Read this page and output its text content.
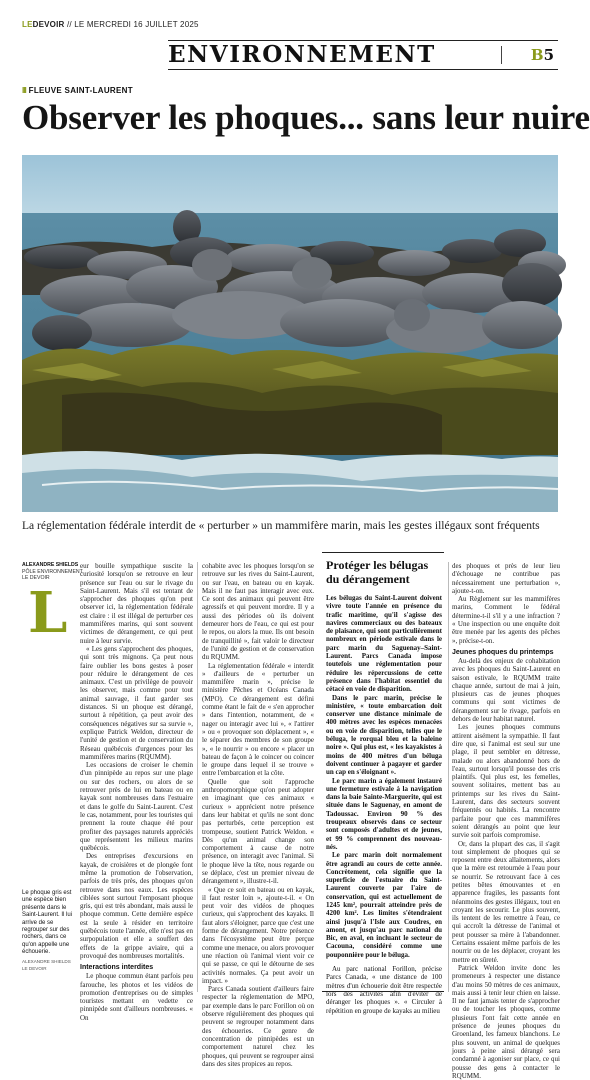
LEDEVOIR // LE MERCREDI 16 JUILLET 2025
ENVIRONNEMENT	B5
III FLEUVE SAINT-LAURENT
Observer les phoques... sans leur nuire
La réglementation fédérale interdit de « perturber » un mammifère marin, mais les gestes illégaux sont fréquents
ALEXANDRE SHIELDS
PÔLE ENVIRONNEMENT
LE DEVOIR
Le phoque gris est une espèce bien présente dans le Saint-Laurent. Il lui arrive de se regrouper sur des rochers, dans ce qu'on appelle une échouerie.
ALEXANDRE SHIELDS LE DEVOIR
L

eur bouille sympathique suscite la curiosité lorsqu'on se retrouve en leur présence sur l'eau ou sur le rivage du Saint-Laurent. Mais s'il est tentant de s'approcher des phoques qu'on peut observer ici, la réglementation fédérale est claire : il est illégal de perturber ces mammifères marins, qui sont souvent victimes de dérangement, ce qui peut nuire à leur survie.

« Les gens s'approchent des phoques, qui sont très mignons. Ça peut nous faire oublier les bons gestes à poser pour réduire le dérangement de ces animaux. C'est un privilège de pouvoir les observer, mais comme pour tout animal sauvage, il faut garder ses distances. Si un phoque est dérangé, surtout à répétition, ça peut avoir des conséquences négatives sur sa survie », explique Patrick Weldon, directeur de l'unité de gestion et de conservation du Réseau québécois d'urgences pour les mammifères marins (RQUMM).

Les occasions de croiser le chemin d'un pinnipède au repos sur une plage ou sur des rochers, ou alors de se retrouver près de lui en bateau ou en kayak sont nombreuses dans l'estuaire et dans le golfe du Saint-Laurent. C'est le cas, notamment, pour les touristes qui prennent la route chaque été pour profiter des paysages naturels appréciés que représentent les milieux marins québécois.

Des entreprises d'excursions en kayak, de croisières et de plongée font même la promotion de l'observation, parfois de très près, des phoques qu'on retrouve dans nos eaux. Les espèces ciblées sont surtout l'emposant phoque gris, qui est très abondant, mais aussi le phoque commun. Cette dernière espèce est la seule à résider en territoire québécois toute l'année, elle n'est pas en surpopulation et elle a souffert des effets de la grippe aviaire, qui a provoqué des nombreuses mortalités.

Interactions interdites

Le phoque commun étant parfois peu farouche, les photos et les vidéos de promotion d'entreprises ou de simples touristes mettant en vedette ce pinnipède sont d'ailleurs nombreuses. « On

cohabite avec les phoques lorsqu'on se retrouve sur les rives du Saint-Laurent, ou sur l'eau, en bateau ou en kayak. Mais il ne faut pas interagir avec eux. Ce sont des animaux qui peuvent être agressifs et qui peuvent mordre. Il y a aussi des périodes où ils doivent demeurer hors de l'eau, ce qui est pour le repos, ou alors la mue. Ils ont besoin de tranquillité », fait valoir le directeur de l'unité de gestion et de conservation du RQUMM.

La réglementation fédérale « interdit » d'ailleurs de « perturber un mammifère marin », précise le ministère Pêches et Océans Canada (MPO). Ce dérangement est défini comme étant le fait de « s'en approcher » dans l'intention, notamment, de « nager ou interagir avec lui », « l'attirer » ou « provoquer son déplacement », « le séparer des membres de son groupe », « le nourrir » ou encore « placer un bateau de façon à le coincer ou coincer le groupe dans lequel il se trouve » entre l'embarcation et la côte.

Quelle que soit l'approche anthropomorphique qu'on peut adopter en imaginant que ces animaux « curieux » apprécient notre présence dans leur habitat et qu'ils ne sont donc pas perturbés, cette perception est trompeuse, soutient Patrick Weldon. « Dès qu'un animal change son comportement à cause de notre présence, on interagit avec l'animal. Si le phoque lève la tête, nous regarde ou se déplace, c'est un premier niveau de dérangement », illustre-t-il.

« Que ce soit en bateau ou en kayak, il faut rester loin », ajoute-t-il. « On peut voir des vidéos de phoques curieux, qui s'approchent des kayaks. Il faut alors s'éloigner, parce que c'est une forme de dérangement. Notre présence dans l'écosystème peut être perçue comme une menace, ou alors provoquer une réaction où l'animal vient voir ce qui se passe, ce qui le détourne de ses activités normales. Ça peut avoir un impact. »

Parcs Canada soutient d'ailleurs faire respecter la réglementation de MPO, par exemple dans le parc Forillon où on observe régulièrement des phoques qui peuvent se regrouper notamment dans des échoueries. Ce genre de concentration de pinnipèdes est un comportement naturel chez les phoques, qui peuvent se regrouper ainsi dans des sites propices au repos.

Protéger les bélugas du dérangement

Les bélugas du Saint-Laurent doivent vivre toute l'année en présence du trafic maritime, qu'il s'agisse des navires commerciaux ou des bateaux de plaisance, qui sont particulièrement nombreux en période estivale dans le parc marin du Saguenay–Saint-Laurent. Parcs Canada impose toutefois une réglementation pour réduire les répercussions de cette présence dans l'habitat essentiel du cétacé en voie de disparition.

Dans le parc marin, précise le ministère, « toute embarcation doit conserver une distance minimale de 400 mètres avec les espèces menacées ou en voie de disparition, telles que le béluga, le rorqual bleu et la baleine noire ». Qui plus est, « les kayakistes à moins de 400 mètres d'un béluga doivent continuer à pagayer et garder un cap en s'éloignant ».

Le parc marin a également instauré une fermeture estivale à la navigation dans la baie Sainte-Marguerite, qui est située dans le Saguenay, en amont de Tadoussac. Environ 90 % des troupeaux observés dans ce secteur sont composés d'adultes et de jeunes, et 99 % comprennent des nouveau-nés.

Le parc marin doit normalement être agrandi au cours de cette année. Concrètement, cela signifie que la superficie de l'estuaire du Saint-Laurent couverte par l'aire de conservation, qui est actuellement de 1245 km², pourrait atteindre près de 4200 km². Les limites s'étendraient ainsi jusqu'à l'Isle aux Coudres, en amont, et jusqu'au parc national du Bic, en aval, en incluant le secteur de Cacouna, considéré comme une pouponnière pour le béluga.

Au parc national Forillon, précise Parcs Canada, « une distance de 100 mètres d'un échouerie doit être respectée lors des activités afin d'éviter de déranger les phoques ». « Circuler à répétition en groupe de kayaks au milieu

des phoques et près de leur lieu d'échouage ne contribue pas nécessairement une perturbation », ajoute-t-on.

Au Règlement sur les mammifères marins, Comment le fédéral détermine-t-il s'il y a une infraction ? « Une inspection ou une enquête doit être menée par les agents des pêches », précise-t-on.

Jeunes phoques du printemps

Au-delà des enjeux de cohabitation avec les phoques du Saint-Laurent en saison estivale, le RQUMM traite chaque année, surtout de mai à juin, plusieurs cas de jeunes phoques communs qui sont victimes de dérangement sur le rivage, parfois en dehors de leur habitat naturel.

Les jeunes phoques communs attirent aisément la sympathie. Il faut dire que, si l'animal est seul sur une plage, il peut sembler en détresse, malade ou alors abandonné hors de l'eau, surtout lorsqu'il pousse des cris plaintifs. Qui plus est, les femelles, souvent solitaires, mettent bas au printemps sur les rives du Saint-Laurent, dans des secteurs souvent fréquentés ou habités. La rencontre parfaite pour que ces mammifères soient dérangés au point que leur survie soit parfois compromise.

Or, dans la plupart des cas, il s'agit tout simplement de phoques qui se reposent entre deux allaitements, alors que la mère est retournée à l'eau pour se nourrir. Se retrouvant face à ces petites bêtes émouvantes et en apparence fragiles, les passants font néanmoins des gestes illégaux, tout en croyant les secourir. Le plus souvent, ils tentent de les remettre à l'eau, ce qui accroît la détresse de l'animal et peut pousser sa mère à l'abandonner. Certains essaient même parfois de les nourrir ou de les déplacer, croyant les mettre en sûreté.

Patrick Weldon invite donc les promeneurs à respecter une distance d'au moins 50 mètres de ces animaux, mais aussi à tenir leur chien en laisse. Il ne faut jamais tenter de s'approcher ou de toucher les phoques, comme plusieurs l'ont fait cette année en présence de jeunes phoques du Groenland, les fameux blanchons. Le plus souvent, un animal de quelques jours à peine ainsi dérangé sera condamné à agoniser sur place, ce qui pousse des gens à contacter le RQUMM.
